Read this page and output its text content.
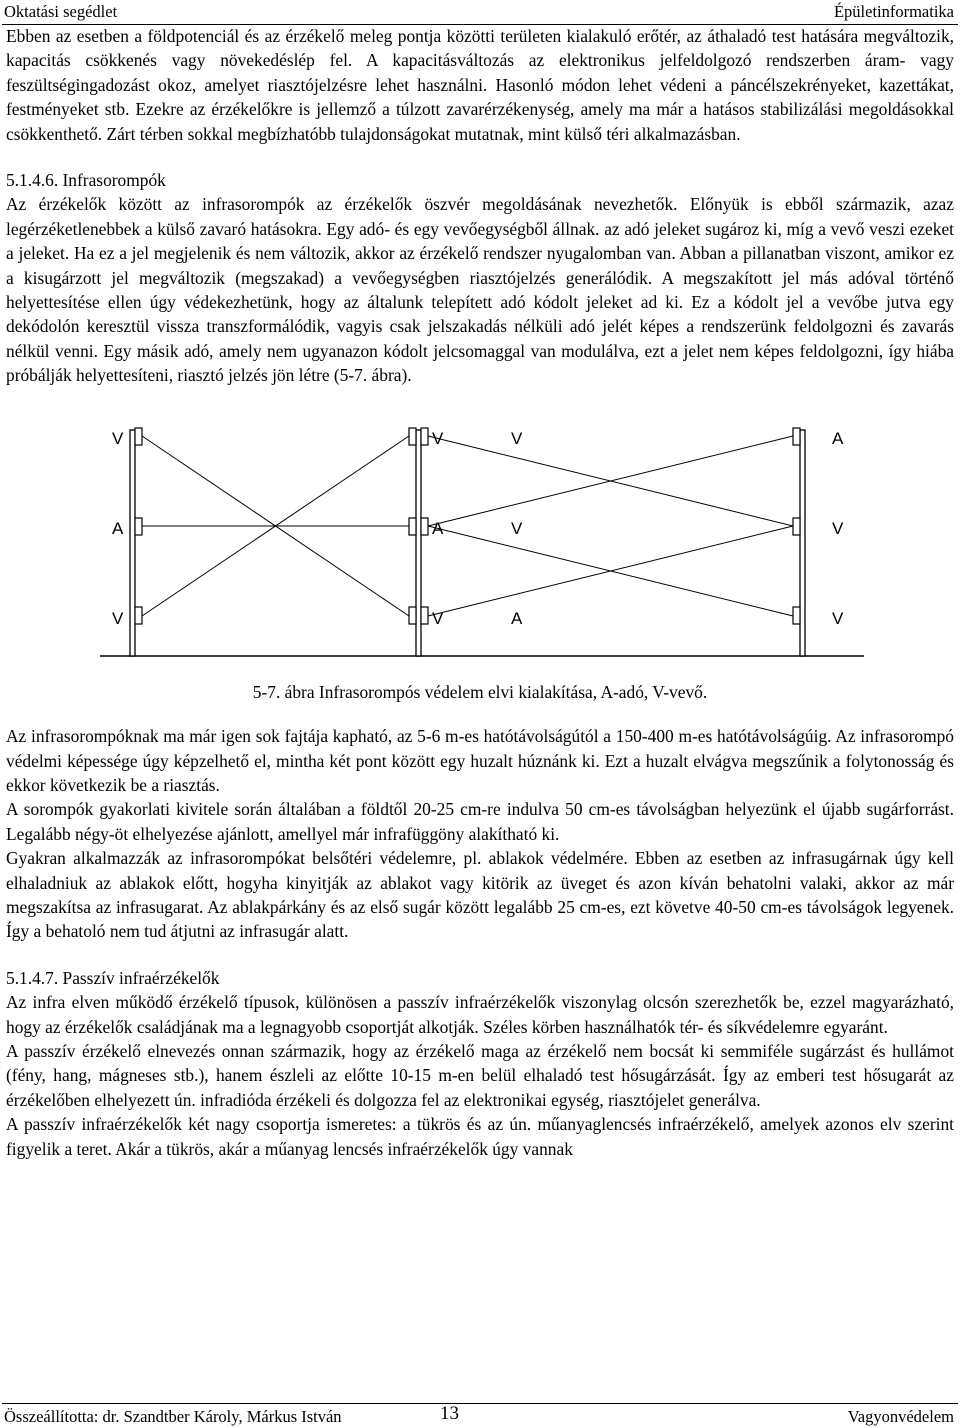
Oktatási segédlet	Épületinformatika

Ebben az esetben a földpotenciál és az érzékelő meleg pontja közötti területen kialakuló erőtér, az áthaladó test hatására megváltozik, kapacitás csökkenés vagy növekedéslép fel. A kapacitásváltozás az elektronikus jelfeldolgozó rendszerben áram- vagy feszültségingadozást okoz, amelyet riasztójelzésre lehet használni. Hasonló módon lehet védeni a páncélszekrényeket, kazettákat, festményeket stb. Ezekre az érzékelőkre is jellemző a túlzott zavarérzékenység, amely ma már a hatásos stabilizálási megoldásokkal csökkenthető. Zárt térben sokkal megbízhatóbb tulajdonságokat mutatnak, mint külső téri alkalmazásban.

5.1.4.6. Infrasorompók

Az érzékelők között az infrasorompók az érzékelők öszvér megoldásának nevezhetők. Előnyük is ebből származik, azaz legérzéketlenebbek a külső zavaró hatásokra. Egy adó- és egy vevőegységből állnak. az adó jeleket sugároz ki, míg a vevő veszi ezeket a jeleket. Ha ez a jel megjelenik és nem változik, akkor az érzékelő rendszer nyugalomban van. Abban a pillanatban viszont, amikor ez a kisugárzott jel megváltozik (megszakad) a vevőegységben riasztójelzés generálódik. A megszakított jel más adóval történő helyettesítése ellen úgy védekezhetünk, hogy az általunk telepített adó kódolt jeleket ad ki. Ez a kódolt jel a vevőbe jutva egy dekódolón keresztül vissza transzformálódik, vagyis csak jelszakadás nélküli adó jelét képes a rendszerünk feldolgozni és zavarás nélkül venni. Egy másik adó, amely nem ugyanazon kódolt jelcsomaggal van modulálva, ezt a jelet nem képes feldolgozni, így hiába próbálják helyettesíteni, riasztó jelzés jön létre (5-7. ábra).

V	V	V	A
A	A	V	V
V	V	A	V

5-7. ábra Infrasorompós védelem elvi kialakítása, A-adó, V-vevő.

Az infrasorompóknak ma már igen sok fajtája kapható, az 5-6 m-es hatótávolságútól a 150-400 m-es hatótávolságúig. Az infrasorompó védelmi képessége úgy képzelhető el, mintha két pont között egy huzalt húznánk ki. Ezt a huzalt elvágva megszűnik a folytonosság és ekkor következik be a riasztás.

A sorompók gyakorlati kivitele során általában a földtől 20-25 cm-re indulva 50 cm-es távolságban helyezünk el újabb sugárforrást. Legalább négy-öt elhelyezése ajánlott, amellyel már infrafüggöny alakítható ki.

Gyakran alkalmazzák az infrasorompókat belsőtéri védelemre, pl. ablakok védelmére. Ebben az esetben az infrasugárnak úgy kell elhaladniuk az ablakok előtt, hogyha kinyitják az ablakot vagy kitörik az üveget és azon kíván behatolni valaki, akkor az már megszakítsa az infrasugarat. Az ablakpárkány és az első sugár között legalább 25 cm-es, ezt követve 40-50 cm-es távolságok legyenek. Így a behatoló nem tud átjutni az infrasugár alatt.

5.1.4.7. Passzív infraérzékelők

Az infra elven működő érzékelő típusok, különösen a passzív infraérzékelők viszonylag olcsón szerezhetők be, ezzel magyarázható, hogy az érzékelők családjának ma a legnagyobb csoportját alkotják. Széles körben használhatók tér- és síkvédelemre egyaránt.

A passzív érzékelő elnevezés onnan származik, hogy az érzékelő maga az érzékelő nem bocsát ki semmiféle sugárzást és hullámot (fény, hang, mágneses stb.), hanem észleli az előtte 10-15 m-en belül elhaladó test hősugárzását. Így az emberi test hősugarát az érzékelőben elhelyezett ún. infradióda érzékeli és dolgozza fel az elektronikai egység, riasztójelet generálva.

A passzív infraérzékelők két nagy csoportja ismeretes: a tükrös és az ún. műanyaglencsés infraérzékelő, amelyek azonos elv szerint figyelik a teret. Akár a tükrös, akár a műanyag lencsés infraérzékelők úgy vannak

Összeállította: dr. Szandtber Károly, Márkus István	13	Vagyonvédelem
